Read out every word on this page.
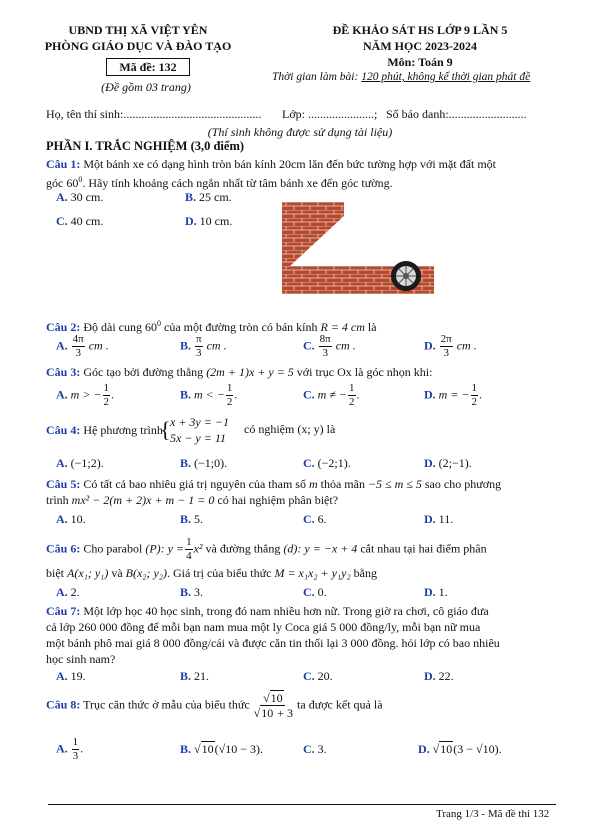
UBND THỊ XÃ VIỆT YÊN
PHÒNG GIÁO DỤC VÀ ĐÀO TẠO
Mã đề: 132
(Đề gồm 03 trang)
ĐỀ KHẢO SÁT HS LỚP 9 LẦN 5
NĂM HỌC 2023-2024
Môn: Toán 9
Thời gian làm bài: 120 phút, không kể thời gian phát đề
Họ, tên thí sinh:.............................................. Lớp: ......................; Số báo danh:..........................
(Thí sinh không được sử dụng tài liệu)
PHẦN I. TRẮC NGHIỆM (3,0 điểm)
Câu 1: Một bánh xe có dạng hình tròn bán kính 20cm lăn đến bức tường hợp với mặt đất một
góc $60^0$. Hãy tính khoảng cách ngắn nhất từ tâm bánh xe đến góc tường.
A. 30 cm.	B. 25 cm.
C. 40 cm.	D. 10 cm.
Câu 2: Độ dài cung $60^0$ của một đường tròn có bán kính R = 4 cm là
A. $\frac{4\pi}{3}$ cm .	B. $\frac{\pi}{3}$ cm .	C. $\frac{8\pi}{3}$ cm .	D. $\frac{2\pi}{3}$ cm .
Câu 3: Góc tạo bởi đường thẳng (2m + 1)x + y = 5 với trục Ox là góc nhọn khi:
A. m > − $\frac{1}{2}$ .	B. m < − $\frac{1}{2}$ .	C. m ≠ − $\frac{1}{2}$ .	D. m = − $\frac{1}{2}$ .
Câu 4: Hệ phương trình
{ x + 3y = −1
5x − y = 11
có nghiệm (x; y) là
A. (−1;2).	B. (−1;0).	C. (−2;1).	D. (2;−1).
Câu 5: Có tất cả bao nhiêu giá trị nguyên của tham số m thỏa mãn −5 ≤ m ≤ 5 sao cho phương
trình mx² − 2(m + 2)x + m − 1 = 0 có hai nghiệm phân biệt?
A. 10.	B. 5.	C. 6.	D. 11.
Câu 6: Cho parabol (P): $y = \frac{1}{4} x^2$ và đường thẳng (d): y = −x + 4 cắt nhau tại hai điểm phân
biệt A(x₁; y₁) và B(x₂; y₂). Giá trị của biểu thức M = x₁x₂ + y₁y₂ bằng
A. 2.	B. 3.	C. 0.	D. 1.
Câu 7: Một lớp học 40 học sinh, trong đó nam nhiều hơn nữ. Trong giờ ra chơi, cô giáo đưa
cả lớp 260 000 đồng để mỗi bạn nam mua một ly Coca giá 5 000 đồng/ly, mỗi bạn nữ mua
một bánh phô mai giá 8 000 đồng/cái và được căn tin thối lại 3 000 đồng. hỏi lớp có bao nhiêu
học sinh nam?
A. 19.	B. 21.	C. 20.	D. 22.
Câu 8: Trục căn thức ở mẫu của biểu thức $\frac{√10}{√10 + 3}$ ta được kết quả là
A. $\frac{1}{3}$ .	B. √10(√10 − 3).	C. 3.	D. √10(3 − √10).
Trang 1/3 - Mã đề thi 132
